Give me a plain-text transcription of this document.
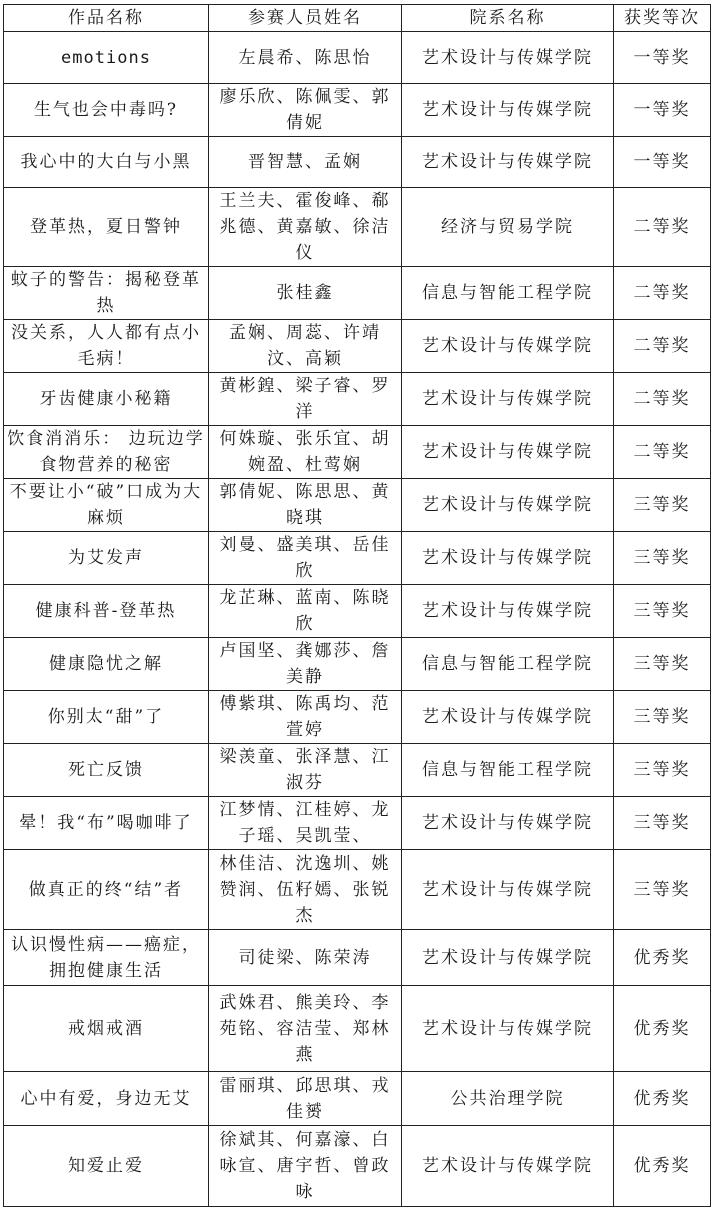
作品名称	参赛人员姓名	院系名称	获奖等次
emotions	左晨希、陈思怡	艺术设计与传媒学院	一等奖
生气也会中毒吗?	廖乐欣、陈佩雯、郭倩妮	艺术设计与传媒学院	一等奖
我心中的大白与小黑	晋智慧、孟娴	艺术设计与传媒学院	一等奖
登革热，夏日警钟	王兰夫、霍俊峰、郗兆德、黄嘉敏、徐洁仪	经济与贸易学院	二等奖
蚊子的警告：揭秘登革热	张桂鑫	信息与智能工程学院	二等奖
没关系，人人都有点小毛病！	孟娴、周蕊、许靖汶、高颖	艺术设计与传媒学院	二等奖
牙齿健康小秘籍	黄彬鍠、梁子睿、罗洋	艺术设计与传媒学院	二等奖
饮食消消乐： 边玩边学食物营养的秘密	何姝璇、张乐宜、胡婉盈、杜莺娴	艺术设计与传媒学院	二等奖
不要让小“破”口成为大麻烦	郭倩妮、陈思思、黄晓琪	艺术设计与传媒学院	三等奖
为艾发声	刘曼、盛美琪、岳佳欣	艺术设计与传媒学院	三等奖
健康科普-登革热	龙芷琳、蓝南、陈晓欣	艺术设计与传媒学院	三等奖
健康隐忧之解	卢国坚、龚娜莎、詹美静	信息与智能工程学院	三等奖
你别太“甜”了	傅紫琪、陈禹均、范萱婷	艺术设计与传媒学院	三等奖
死亡反馈	梁羡童、张泽慧、江淑芬	信息与智能工程学院	三等奖
晕！我“布”喝咖啡了	江梦情、江桂婷、龙子瑶、吴凯莹、	艺术设计与传媒学院	三等奖
做真正的终“结”者	林佳洁、沈逸圳、姚赞润、伍籽嫣、张锐杰	艺术设计与传媒学院	三等奖
认识慢性病——癌症，拥抱健康生活	司徒梁、陈荣涛	艺术设计与传媒学院	优秀奖
戒烟戒酒	武姝君、熊美玲、李苑铭、容洁莹、郑林燕	艺术设计与传媒学院	优秀奖
心中有爱，身边无艾	雷丽琪、邱思琪、戎佳赟	公共治理学院	优秀奖
知爱止爱	徐斌其、何嘉濠、白咏宣、唐宇哲、曾政咏	艺术设计与传媒学院	优秀奖
